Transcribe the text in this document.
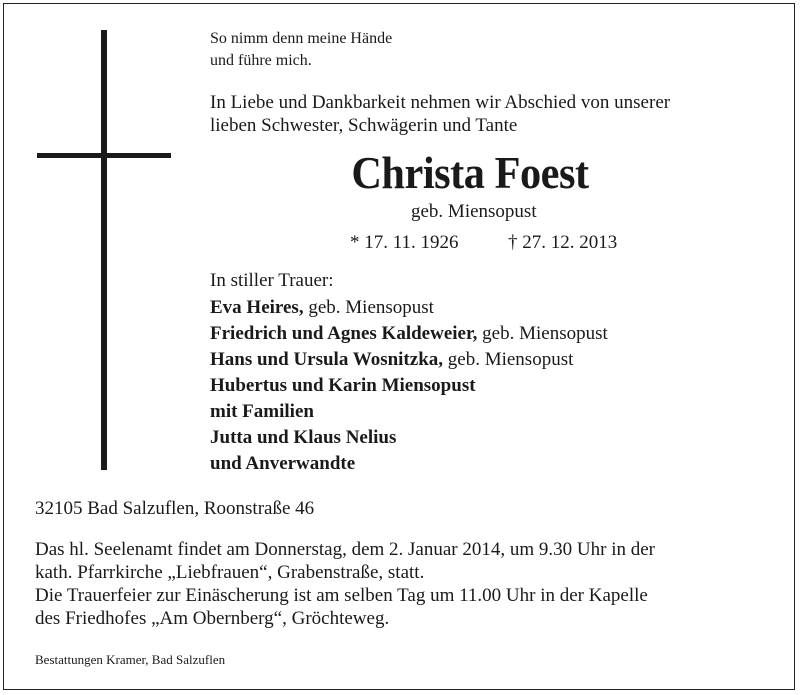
So nimm denn meine Hände
und führe mich.
In Liebe und Dankbarkeit nehmen wir Abschied von unserer
lieben Schwester, Schwägerin und Tante
Christa Foest
geb. Miensopust
* 17. 11. 1926	† 27. 12. 2013
In stiller Trauer:
Eva Heires, geb. Miensopust
Friedrich und Agnes Kaldeweier, geb. Miensopust
Hans und Ursula Wosnitzka, geb. Miensopust
Hubertus und Karin Miensopust
mit Familien
Jutta und Klaus Nelius
und Anverwandte
32105 Bad Salzuflen, Roonstraße 46
Das hl. Seelenamt findet am Donnerstag, dem 2. Januar 2014, um 9.30 Uhr in der
kath. Pfarrkirche „Liebfrauen“, Grabenstraße, statt.
Die Trauerfeier zur Einäscherung ist am selben Tag um 11.00 Uhr in der Kapelle
des Friedhofes „Am Obernberg“, Gröchteweg.
Bestattungen Kramer, Bad Salzuflen
